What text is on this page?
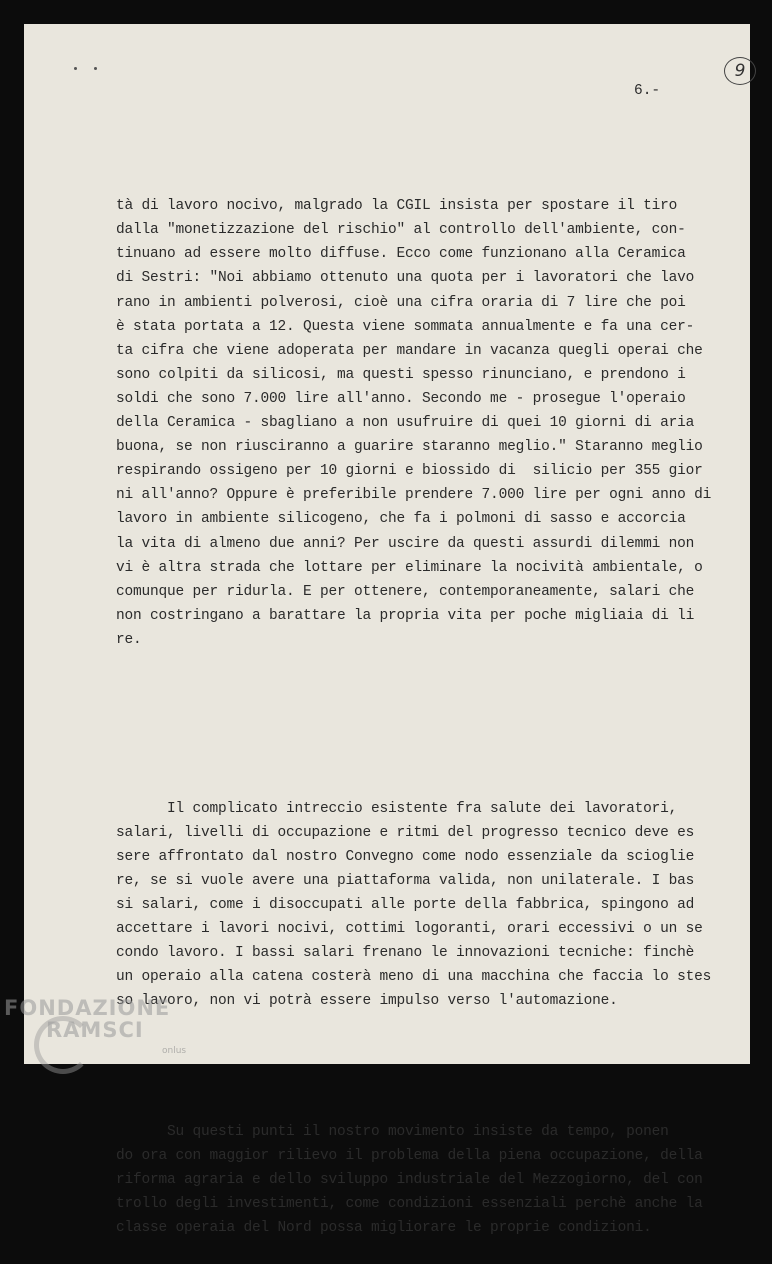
9
6.-

tà di lavoro nocivo, malgrado la CGIL insista per spostare il tiro
dalla "monetizzazione del rischio" al controllo dell'ambiente, con-
tinuano ad essere molto diffuse. Ecco come funzionano alla Ceramica
di Sestri: "Noi abbiamo ottenuto una quota per i lavoratori che lavo
rano in ambienti polverosi, cioè una cifra oraria di 7 lire che poi
è stata portata a 12. Questa viene sommata annualmente e fa una cer-
ta cifra che viene adoperata per mandare in vacanza quegli operai che
sono colpiti da silicosi, ma questi spesso rinunciano, e prendono i
soldi che sono 7.000 lire all'anno. Secondo me - prosegue l'operaio
della Ceramica - sbagliano a non usufruire di quei 10 giorni di aria
buona, se non riusciranno a guarire staranno meglio." Staranno meglio
respirando ossigeno per 10 giorni e biossido di  silicio per 355 gior
ni all'anno? Oppure è preferibile prendere 7.000 lire per ogni anno di
lavoro in ambiente silicogeno, che fa i polmoni di sasso e accorcia
la vita di almeno due anni? Per uscire da questi assurdi dilemmi non
vi è altra strada che lottare per eliminare la nocività ambientale, o
comunque per ridurla. E per ottenere, contemporaneamente, salari che
non costringano a barattare la propria vita per poche migliaia di li
re.

Il complicato intreccio esistente fra salute dei lavoratori,
salari, livelli di occupazione e ritmi del progresso tecnico deve es
sere affrontato dal nostro Convegno come nodo essenziale da scioglie
re, se si vuole avere una piattaforma valida, non unilaterale. I bas
si salari, come i disoccupati alle porte della fabbrica, spingono ad
accettare i lavori nocivi, cottimi logoranti, orari eccessivi o un se
condo lavoro. I bassi salari frenano le innovazioni tecniche: finchè
un operaio alla catena costerà meno di una macchina che faccia lo stes
so lavoro, non vi potrà essere impulso verso l'automazione.

Su questi punti il nostro movimento insiste da tempo, ponen
do ora con maggior rilievo il problema della piena occupazione, della
riforma agraria e dello sviluppo industriale del Mezzogiorno, del con
trollo degli investimenti, come condizioni essenziali perchè anche la
classe operaia del Nord possa migliorare le proprie condizioni.

FONDAZIONE
RAMSCI
onlus
